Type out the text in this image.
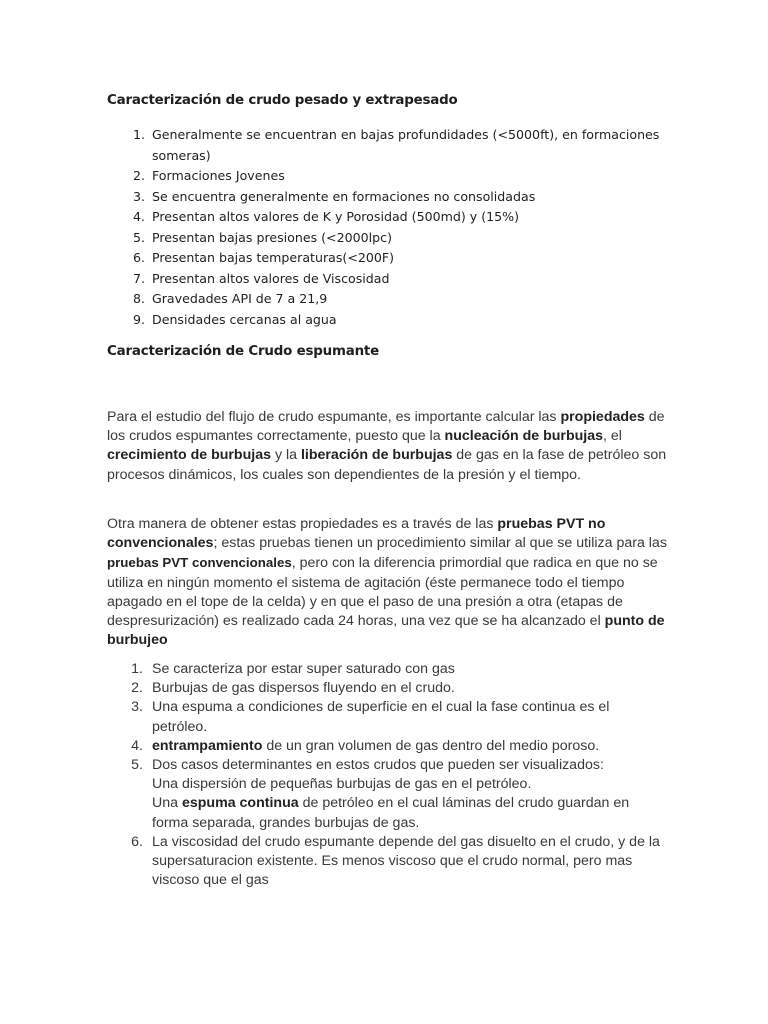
Caracterización de crudo pesado y extrapesado
1. Generalmente se encuentran en bajas profundidades (<5000ft), en formaciones someras)
2. Formaciones Jovenes
3. Se encuentra generalmente en formaciones no consolidadas
4. Presentan altos valores de K y Porosidad (500md) y (15%)
5. Presentan bajas presiones (<2000lpc)
6. Presentan bajas temperaturas(<200F)
7. Presentan altos valores de Viscosidad
8. Gravedades API de 7 a 21,9
9. Densidades cercanas al agua
Caracterización de Crudo espumante

Para el estudio del flujo de crudo espumante, es importante calcular las propiedades de los crudos espumantes correctamente, puesto que la nucleación de burbujas, el crecimiento de burbujas y la liberación de burbujas de gas en la fase de petróleo son procesos dinámicos, los cuales son dependientes de la presión y el tiempo.

Otra manera de obtener estas propiedades es a través de las pruebas PVT no convencionales; estas pruebas tienen un procedimiento similar al que se utiliza para las pruebas PVT convencionales, pero con la diferencia primordial que radica en que no se utiliza en ningún momento el sistema de agitación (éste permanece todo el tiempo apagado en el tope de la celda) y en que el paso de una presión a otra (etapas de despresurización) es realizado cada 24 horas, una vez que se ha alcanzado el punto de burbujeo

1. Se caracteriza por estar super saturado con gas
2. Burbujas de gas dispersos fluyendo en el crudo.
3. Una espuma a condiciones de superficie en el cual la fase continua es el petróleo.
4. entrampamiento de un gran volumen de gas dentro del medio poroso.
5. Dos casos determinantes en estos crudos que pueden ser visualizados:
Una dispersión de pequeñas burbujas de gas en el petróleo.
Una espuma continua de petróleo en el cual láminas del crudo guardan en forma separada, grandes burbujas de gas.
6. La viscosidad del crudo espumante depende del gas disuelto en el crudo, y de la supersaturacion existente. Es menos viscoso que el crudo normal, pero mas viscoso que el gas
